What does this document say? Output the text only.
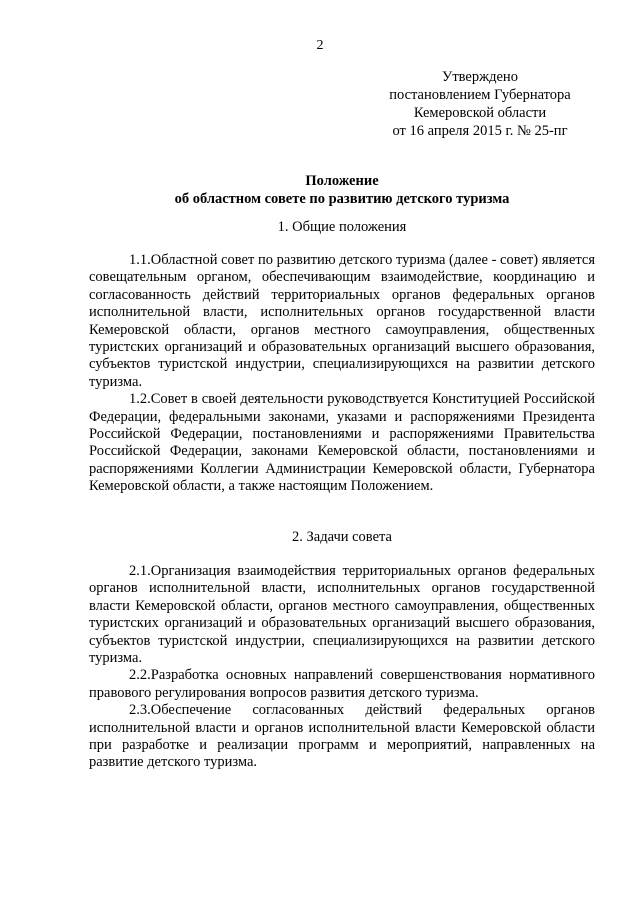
2
Утверждено
постановлением Губернатора
Кемеровской области
от 16 апреля 2015 г. № 25-пг
Положение
об областном совете по развитию детского туризма
1. Общие положения

1.1.Областной совет по развитию детского туризма (далее - совет) является совещательным органом, обеспечивающим взаимодействие, координацию и согласованность действий территориальных органов федеральных органов исполнительной власти, исполнительных органов государственной власти Кемеровской области, органов местного самоуправления, общественных туристских организаций и образовательных организаций высшего образования, субъектов туристской индустрии, специализирующихся на развитии детского туризма.

1.2.Совет в своей деятельности руководствуется Конституцией Российской Федерации, федеральными законами, указами и распоряжениями Президента Российской Федерации, постановлениями и распоряжениями Правительства Российской Федерации, законами Кемеровской области, постановлениями и распоряжениями Коллегии Администрации Кемеровской области, Губернатора Кемеровской области, а также настоящим Положением.

2. Задачи совета

2.1.Организация взаимодействия территориальных органов федеральных органов исполнительной власти, исполнительных органов государственной власти Кемеровской области, органов местного самоуправления, общественных туристских организаций и образовательных организаций высшего образования, субъектов туристской индустрии, специализирующихся на развитии детского туризма.

2.2.Разработка основных направлений совершенствования нормативного правового регулирования вопросов развития детского туризма.

2.3.Обеспечение согласованных действий федеральных органов исполнительной власти и органов исполнительной власти Кемеровской области при разработке и реализации программ и мероприятий, направленных на развитие детского туризма.
